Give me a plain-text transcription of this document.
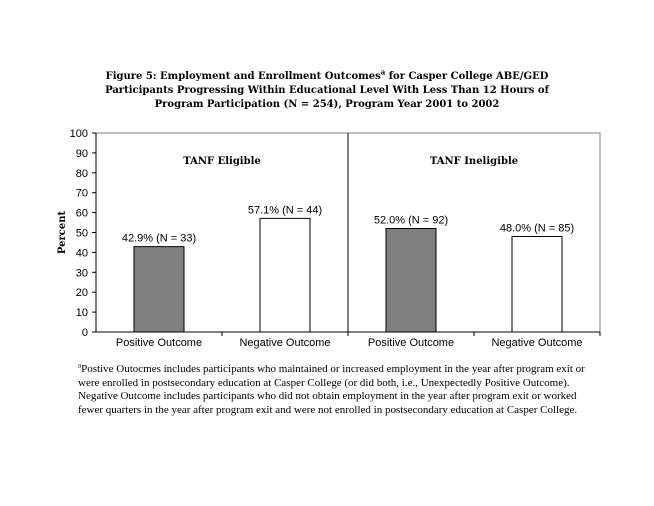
Figure 5: Employment and Enrollment Outcomes$^a$ for Casper College ABE/GED
Participants Progressing Within Educational Level With Less Than 12 Hours of
Program Participation (N = 254), Program Year 2001 to 2002
0
10
20
30
40
50
60
70
80
90
100
Percent
TANF Eligible
42.9% (N = 33)
Positive Outcome
57.1% (N = 44)
Negative Outcome
TANF Ineligible
52.0% (N = 92)
Positive Outcome
48.0% (N = 85)
Negative Outcome
$^a$Postive Outocmes includes participants who maintained or increased employment in the year after program exit or were enrolled in postsecondary education at Casper College (or did both, i.e., Unexpectedly Positive Outcome). Negative Outcome includes participants who did not obtain employment in the year after program exit or worked fewer quarters in the year after program exit and were not enrolled in postsecondary education at Casper College.
